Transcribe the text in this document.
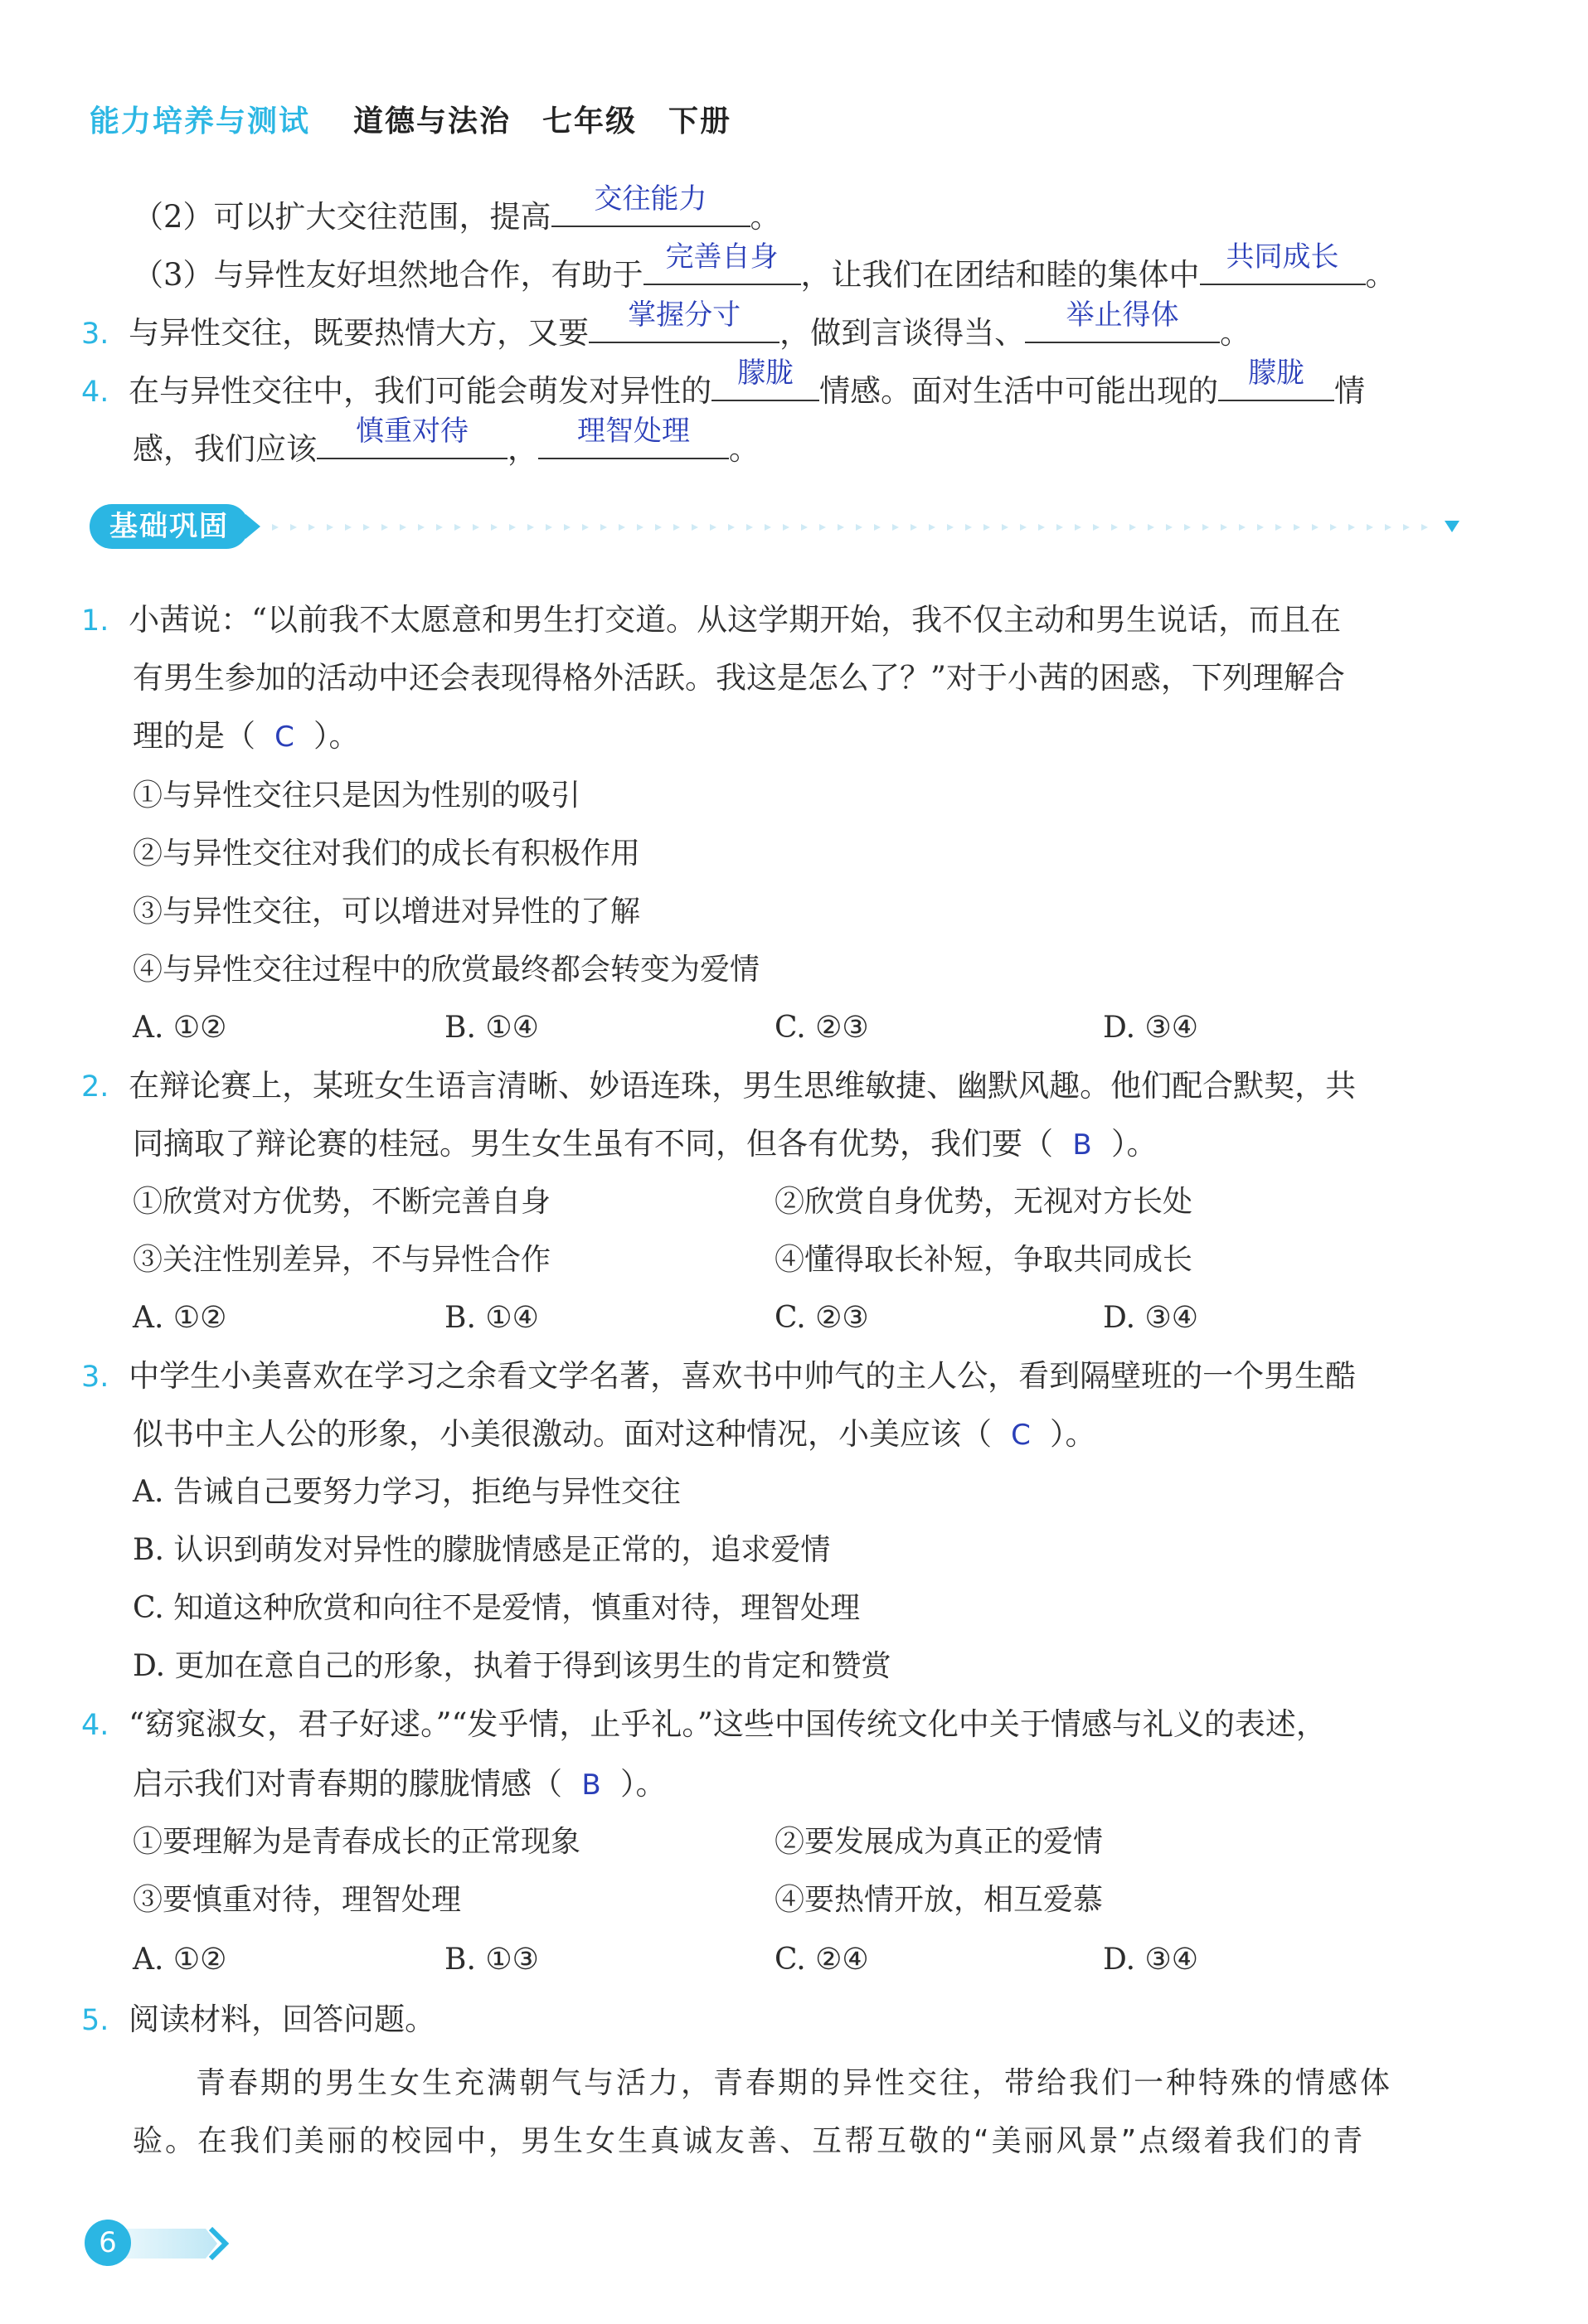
能力培养与测试 道德与法治　七年级　下册
（2）可以扩大交往范围，提高	交往能力	。
（3）与异性友好坦然地合作，有助于 完善自身 ，让我们在团结和睦的集体中 共同成长 。
3. 与异性交往，既要热情大方，又要	掌握分寸	，做到言谈得当、	举止得体	。
4. 在与异性交往中，我们可能会萌发对异性的 朦胧 情感。面对生活中可能出现的	朦胧 情
感，我们应该	慎重对待	，	理智处理	。
基础巩固
1. 小茜说：“以前我不太愿意和男生打交道。从这学期开始，我不仅主动和男生说话，而且在
有男生参加的活动中还会表现得格外活跃。我这是怎么了？”对于小茜的困惑，下列理解合
理的是（ C ）。
①与异性交往只是因为性别的吸引
②与异性交往对我们的成长有积极作用
③与异性交往，可以增进对异性的了解
④与异性交往过程中的欣赏最终都会转变为爱情
A. ①②	B. ①④	C. ②③	D. ③④
2. 在辩论赛上，某班女生语言清晰、妙语连珠，男生思维敏捷、幽默风趣。他们配合默契，共
同摘取了辩论赛的桂冠。男生女生虽有不同，但各有优势，我们要（ B ）。
①欣赏对方优势，不断完善自身	②欣赏自身优势，无视对方长处
③关注性别差异，不与异性合作	④懂得取长补短，争取共同成长
A. ①②	B. ①④	C. ②③	D. ③④
3. 中学生小美喜欢在学习之余看文学名著，喜欢书中帅气的主人公，看到隔壁班的一个男生酷
似书中主人公的形象，小美很激动。面对这种情况，小美应该（ C ）。
A. 告诫自己要努力学习，拒绝与异性交往
B. 认识到萌发对异性的朦胧情感是正常的，追求爱情
C. 知道这种欣赏和向往不是爱情，慎重对待，理智处理
D. 更加在意自己的形象，执着于得到该男生的肯定和赞赏
4. “窈窕淑女，君子好逑。”“发乎情，止乎礼。”这些中国传统文化中关于情感与礼义的表述，
启示我们对青春期的朦胧情感（ B ）。
①要理解为是青春成长的正常现象	②要发展成为真正的爱情
③要慎重对待，理智处理	④要热情开放，相互爱慕
A. ①②	B. ①③	C. ②④	D. ③④
5. 阅读材料，回答问题。
青春期的男生女生充满朝气与活力，青春期的异性交往，带给我们一种特殊的情感体
验。在我们美丽的校园中，男生女生真诚友善、互帮互敬的“美丽风景”点缀着我们的青
6
